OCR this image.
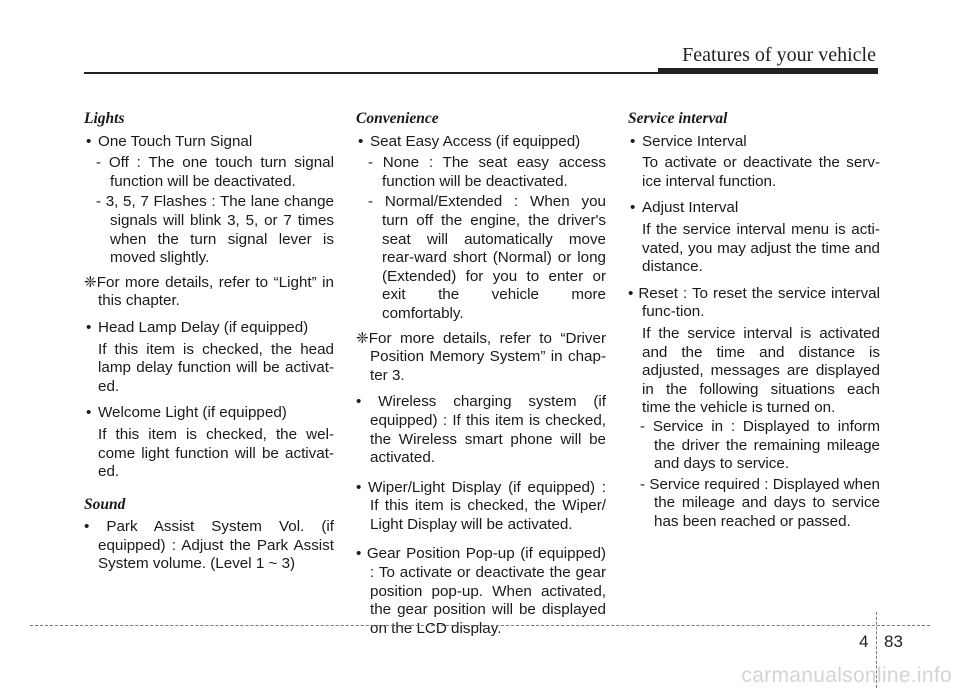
Features of your vehicle
Lights
• One Touch Turn Signal
- Off : The one touch turn signal function will be deactivated.
- 3, 5, 7 Flashes : The lane change signals will blink 3, 5, or 7 times when the turn signal lever is moved slightly.
❈For more details, refer to “Light” in this chapter.
• Head Lamp Delay (if equipped)
If this item is checked, the head lamp delay function will be activat-ed.
• Welcome Light (if equipped)
If this item is checked, the wel-come light function will be activat-ed.
Sound
• Park Assist System Vol. (if equipped) : Adjust the Park Assist System volume. (Level 1 ~ 3)
Convenience
• Seat Easy Access (if equipped)
- None : The seat easy access function will be deactivated.
- Normal/Extended : When you turn off the engine, the driver's seat will automatically move rear-ward short (Normal) or long (Extended) for you to enter or exit the vehicle more comfortably.
❈For more details, refer to “Driver Position Memory System” in chap-ter 3.
• Wireless charging system (if equipped) : If this item is checked, the Wireless smart phone will be activated.
• Wiper/Light Display (if equipped) : If this item is checked, the Wiper/ Light Display will be activated.
• Gear Position Pop-up (if equipped) : To activate or deactivate the gear position pop-up. When activated, the gear position will be displayed on the LCD display.
Service interval
• Service Interval
To activate or deactivate the serv-ice interval function.
• Adjust Interval
If the service interval menu is acti-vated, you may adjust the time and distance.
• Reset : To reset the service interval func-tion.
If the service interval is activated and the time and distance is adjusted, messages are displayed in the following situations each time the vehicle is turned on.
- Service in : Displayed to inform the driver the remaining mileage and days to service.
- Service required : Displayed when the mileage and days to service has been reached or passed.
4 83
carmanualsonline.info
